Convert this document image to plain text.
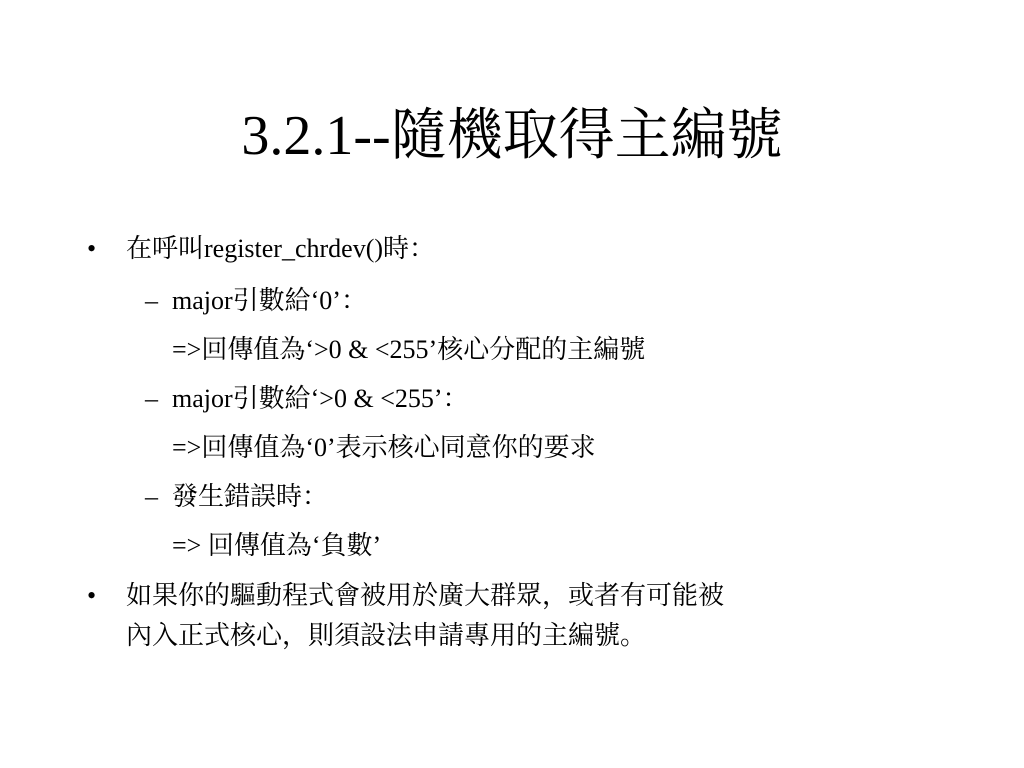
3.2.1--隨機取得主編號
• 在呼叫register_chrdev()時：
– major引數給‘0’：
=>回傳值為‘>0 & <255’核心分配的主編號
– major引數給‘>0 & <255’：
=>回傳值為‘0’表示核心同意你的要求
– 發生錯誤時：
=> 回傳值為‘負數’
• 如果你的驅動程式會被用於廣大群眾，或者有可能被
內入正式核心，則須設法申請專用的主編號。
